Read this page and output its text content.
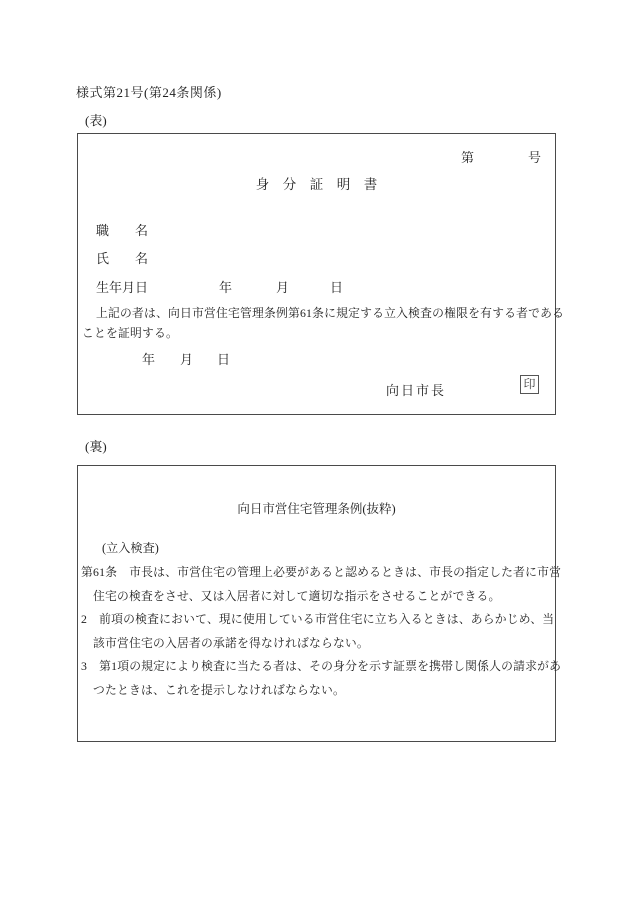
様式第21号(第24条関係)
(表)
第	号
身　分　証　明　書
職　　名
氏　　名
生年月日	年	月	日
上記の者は、向日市営住宅管理条例第61条に規定する立入検査の権限を有する者である
ことを証明する。
年 月 日
向日市長	印
(裏)
向日市営住宅管理条例(抜粋)
(立入検査)
第61条　市長は、市営住宅の管理上必要があると認めるときは、市長の指定した者に市営
住宅の検査をさせ、又は入居者に対して適切な指示をさせることができる。
2　前項の検査において、現に使用している市営住宅に立ち入るときは、あらかじめ、当
該市営住宅の入居者の承諾を得なければならない。
3　第1項の規定により検査に当たる者は、その身分を示す証票を携帯し関係人の請求があ
つたときは、これを提示しなければならない。
